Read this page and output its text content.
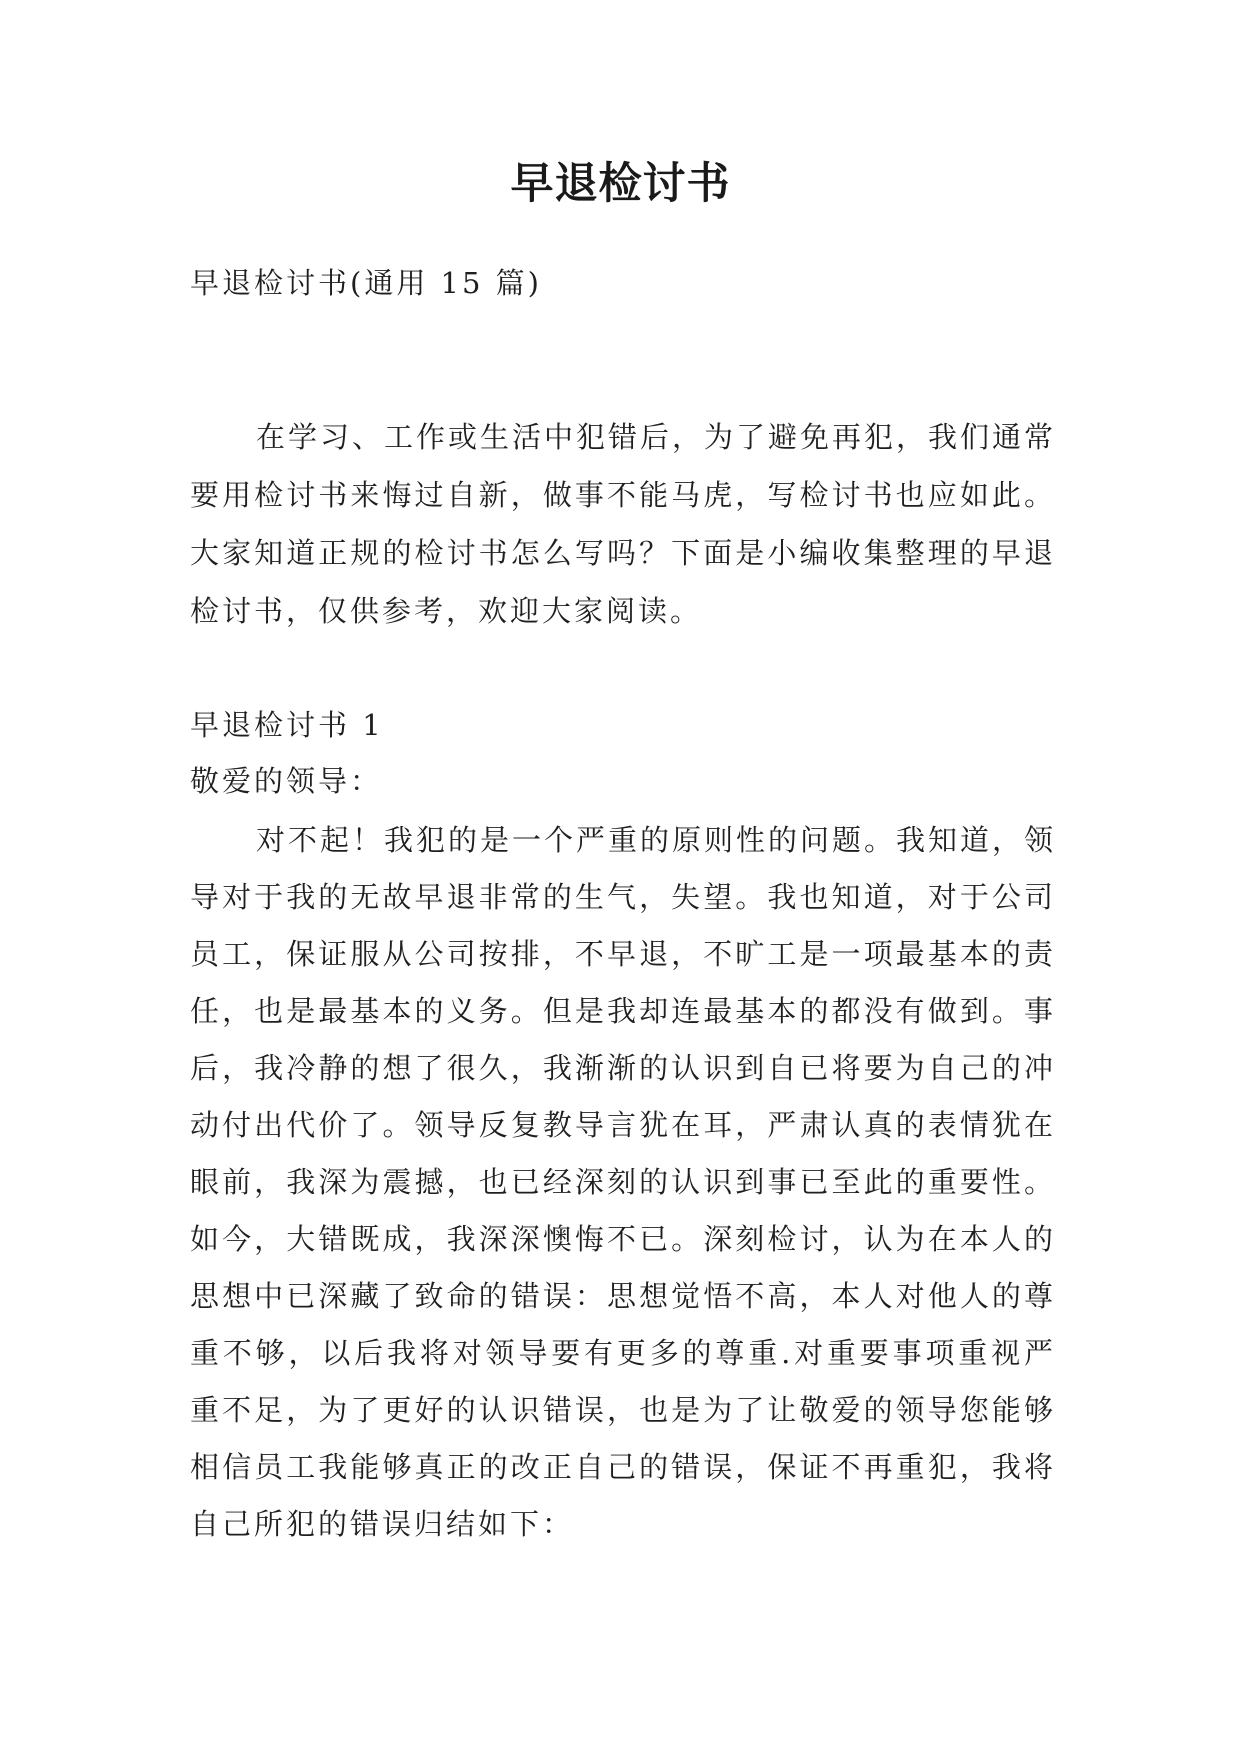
早退检讨书

早退检讨书(通用 15 篇)

在学习、工作或生活中犯错后，为了避免再犯，我们通常要用检讨书来悔过自新，做事不能马虎，写检讨书也应如此。大家知道正规的检讨书怎么写吗？下面是小编收集整理的早退检讨书，仅供参考，欢迎大家阅读。

早退检讨书 1

敬爱的领导：

对不起！我犯的是一个严重的原则性的问题。我知道，领导对于我的无故早退非常的生气，失望。我也知道，对于公司员工，保证服从公司按排，不早退，不旷工是一项最基本的责任，也是最基本的义务。但是我却连最基本的都没有做到。事后，我冷静的想了很久，我渐渐的认识到自已将要为自己的冲动付出代价了。领导反复教导言犹在耳，严肃认真的表情犹在眼前，我深为震撼，也已经深刻的认识到事已至此的重要性。如今，大错既成，我深深懊悔不已。深刻检讨，认为在本人的思想中已深藏了致命的错误：思想觉悟不高，本人对他人的尊重不够，以后我将对领导要有更多的尊重.对重要事项重视严重不足，为了更好的认识错误，也是为了让敬爱的领导您能够相信员工我能够真正的改正自己的错误，保证不再重犯，我将自己所犯的错误归结如下：
